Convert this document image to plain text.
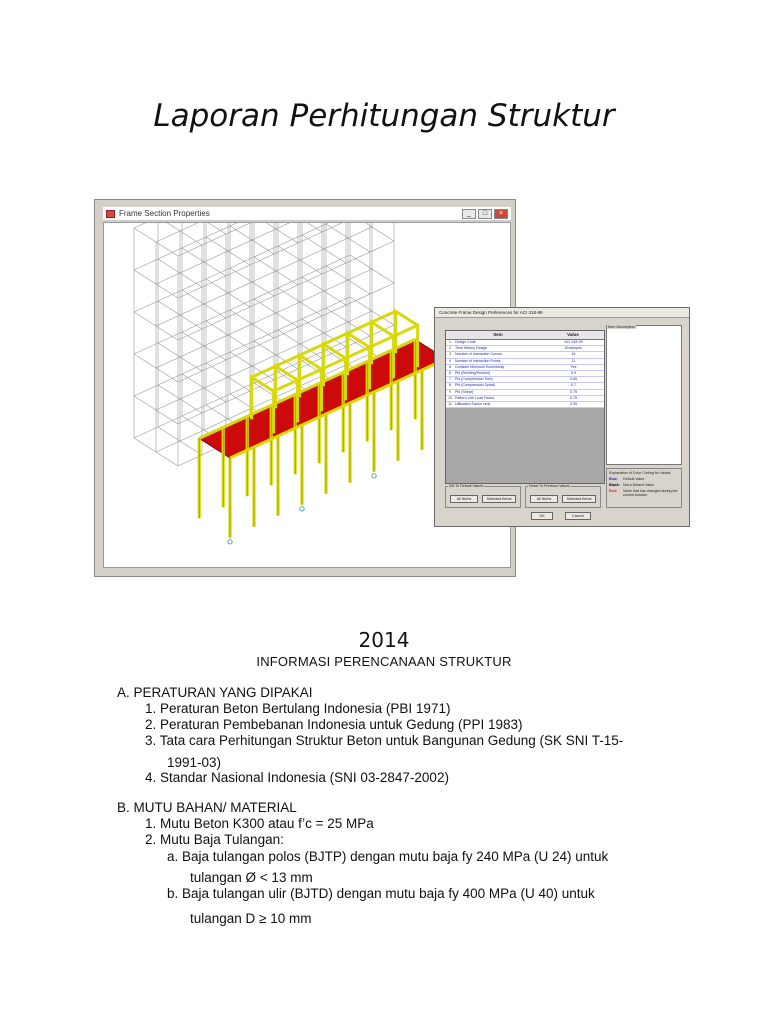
Laporan Perhitungan Struktur
Frame Section Properties	_	□	×
Concrete Frame Design Preferences for ACI 318-99
Item	Value
1	Design Code	ACI 318-99
2	Time History Design	Envelopes
3	Number of Interaction Curves	24
4	Number of Interaction Points	11
5	Consider Minimum Eccentricity	Yes
6	Phi (Bending/Tension)	0.9
7	Phi (Compression Tied)	0.65
8	Phi (Compression Spiral)	0.7
9	Phi (Shear)	0.75
10 Pattern Live Load Factor	0.75
11 Utilization Factor Limit	0.95
Item Description
Explanation of Color Coding for Values
Blue:	Default Value
Black: Not a Default Value
Red:	Value that has changed during the current session
Set To Default Values
All Items	Selected Items
Reset To Previous Values
All Items	Selected Items
OK	Cancel
2014
INFORMASI PERENCANAAN STRUKTUR
A. PERATURAN YANG DIPAKAI
1. Peraturan Beton Bertulang Indonesia (PBI 1971)
2. Peraturan Pembebanan Indonesia untuk Gedung (PPI 1983)
3. Tata cara Perhitungan Struktur Beton untuk Bangunan Gedung (SK SNI T-15-
1991-03)
4. Standar Nasional Indonesia (SNI 03-2847-2002)
B. MUTU BAHAN/ MATERIAL
1. Mutu Beton K300 atau f’c = 25 MPa
2. Mutu Baja Tulangan:
a. Baja tulangan polos (BJTP) dengan mutu baja fy 240 MPa (U 24) untuk
tulangan Ø < 13 mm
b. Baja tulangan ulir (BJTD) dengan mutu baja fy 400 MPa (U 40) untuk
tulangan D ≥ 10 mm
